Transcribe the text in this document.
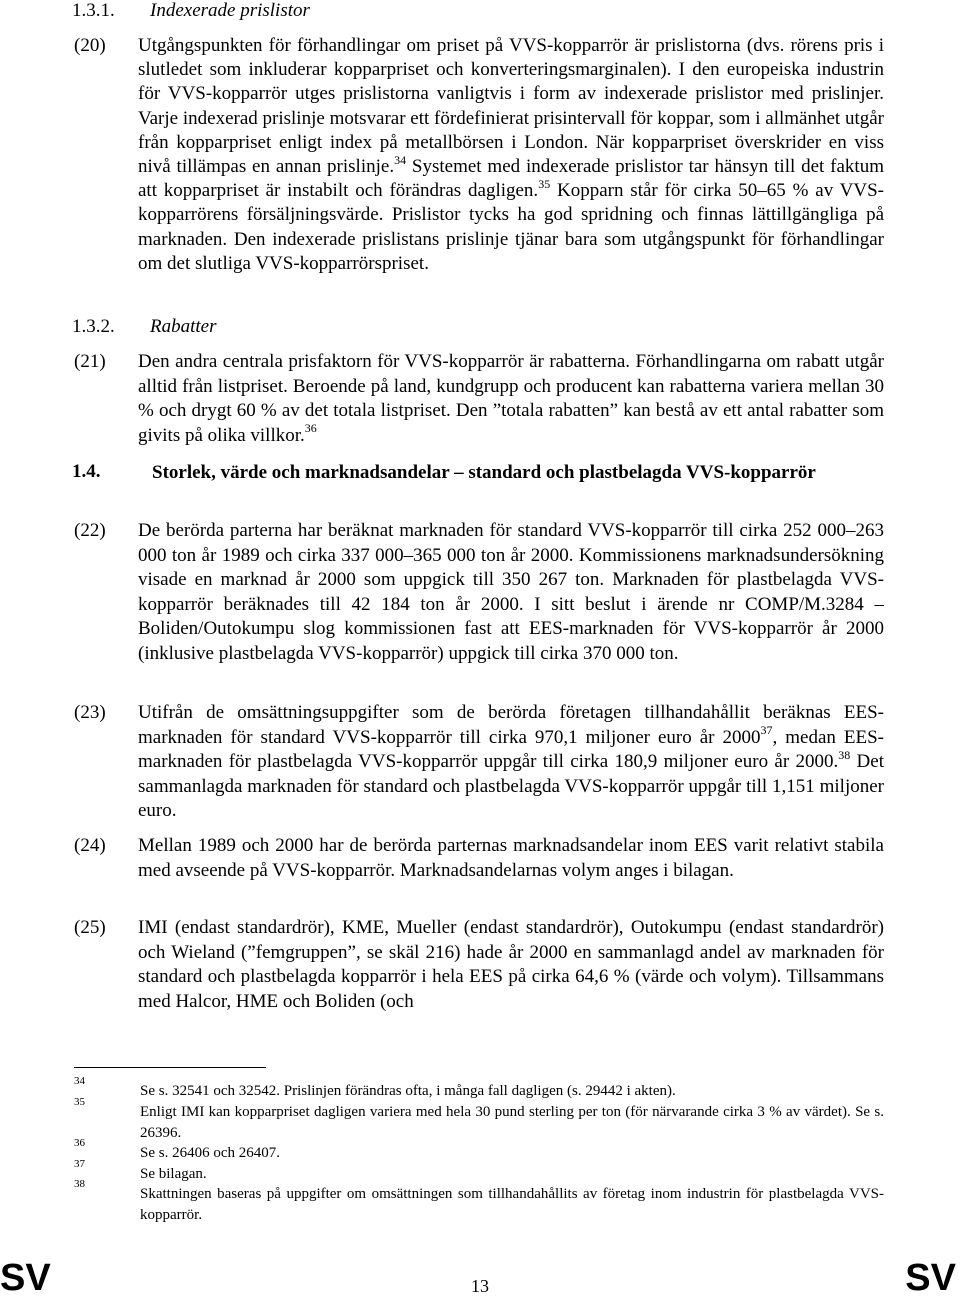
1.3.1. Indexerade prislistor
(20) Utgångspunkten för förhandlingar om priset på VVS-kopparrör är prislistorna (dvs. rörens pris i slutledet som inkluderar kopparpriset och konverteringsmarginalen). I den europeiska industrin för VVS-kopparrör utges prislistorna vanligtvis i form av indexerade prislistor med prislinjer. Varje indexerad prislinje motsvarar ett fördefinierat prisintervall för koppar, som i allmänhet utgår från kopparpriset enligt index på metallbörsen i London. När kopparpriset överskrider en viss nivå tillämpas en annan prislinje.$^{34}$ Systemet med indexerade prislistor tar hänsyn till det faktum att kopparpriset är instabilt och förändras dagligen.$^{35}$ Kopparn står för cirka 50–65 % av VVS-kopparrörens försäljningsvärde. Prislistor tycks ha god spridning och finnas lättillgängliga på marknaden. Den indexerade prislistans prislinje tjänar bara som utgångspunkt för förhandlingar om det slutliga VVS-kopparrörspriset.
1.3.2. Rabatter
(21) Den andra centrala prisfaktorn för VVS-kopparrör är rabatterna. Förhandlingarna om rabatt utgår alltid från listpriset. Beroende på land, kundgrupp och producent kan rabatterna variera mellan 30 % och drygt 60 % av det totala listpriset. Den ”totala rabatten” kan bestå av ett antal rabatter som givits på olika villkor.$^{36}$
1.4.	Storlek, värde och marknadsandelar – standard och plastbelagda VVS-kopparrör
(22) De berörda parterna har beräknat marknaden för standard VVS-kopparrör till cirka 252 000–263 000 ton år 1989 och cirka 337 000–365 000 ton år 2000. Kommissionens marknadsundersökning visade en marknad år 2000 som uppgick till 350 267 ton. Marknaden för plastbelagda VVS-kopparrör beräknades till 42 184 ton år 2000. I sitt beslut i ärende nr COMP/M.3284 – Boliden/Outokumpu slog kommissionen fast att EES-marknaden för VVS-kopparrör år 2000 (inklusive plastbelagda VVS-kopparrör) uppgick till cirka 370 000 ton.
(23) Utifrån de omsättningsuppgifter som de berörda företagen tillhandahållit beräknas EES-marknaden för standard VVS-kopparrör till cirka 970,1 miljoner euro år 2000$^{37}$, medan EES-marknaden för plastbelagda VVS-kopparrör uppgår till cirka 180,9 miljoner euro år 2000.38 Det sammanlagda marknaden för standard och plastbelagda VVS-kopparrör uppgår till 1,151 miljoner euro.
(24) Mellan 1989 och 2000 har de berörda parternas marknadsandelar inom EES varit relativt stabila med avseende på VVS-kopparrör. Marknadsandelarnas volym anges i bilagan.
(25) IMI (endast standardrör), KME, Mueller (endast standardrör), Outokumpu (endast standardrör) och Wieland (”femgruppen”, se skäl 216) hade år 2000 en sammanlagd andel av marknaden för standard och plastbelagda kopparrör i hela EES på cirka 64,6 % (värde och volym). Tillsammans med Halcor, HME och Boliden (och
34
Se s. 32541 och 32542. Prislinjen förändras ofta, i många fall dagligen (s. 29442 i akten).
35
Enligt IMI kan kopparpriset dagligen variera med hela 30 pund sterling per ton (för närvarande cirka 3 % av värdet). Se s. 26396.
36
Se s. 26406 och 26407.
37
Se bilagan.
38
Skattningen baseras på uppgifter om omsättningen som tillhandahållits av företag inom industrin för plastbelagda VVS-kopparrör.
SV	13	SV
